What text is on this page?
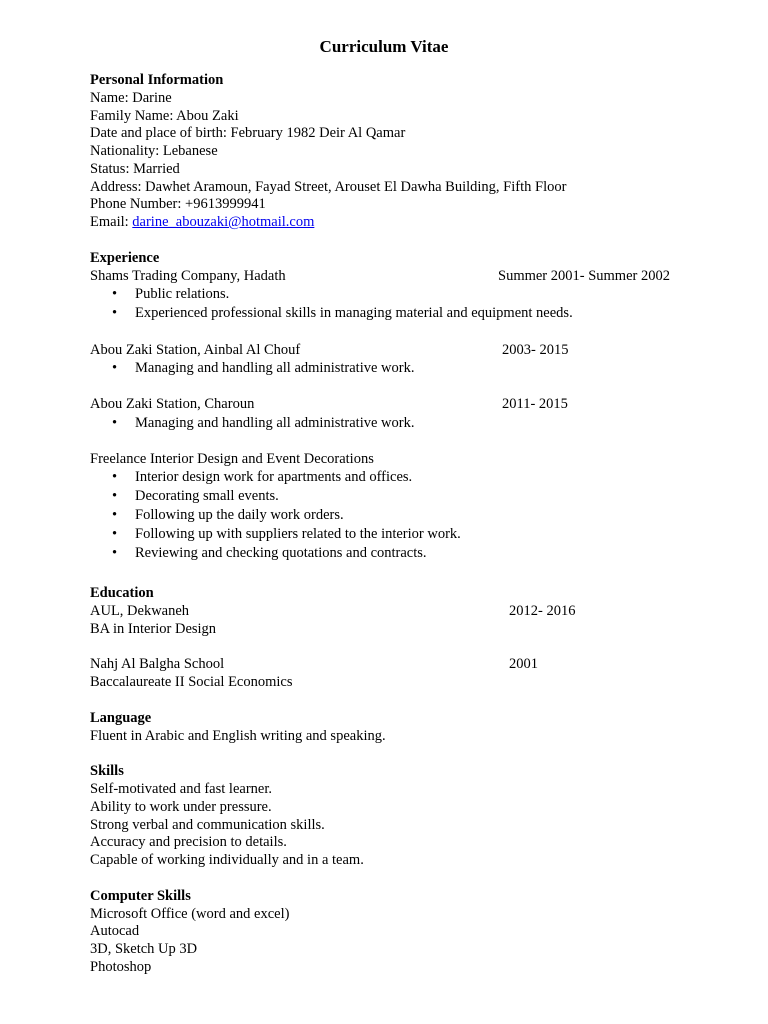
Curriculum Vitae
Personal Information
Name: Darine
Family Name: Abou Zaki
Date and place of birth: February 1982 Deir Al Qamar
Nationality: Lebanese
Status: Married
Address: Dawhet Aramoun, Fayad Street, Arouset El Dawha Building, Fifth Floor
Phone Number: +9613999941
Email: darine_abouzaki@hotmail.com
Experience
Shams Trading Company, Hadath	Summer 2001- Summer 2002
• Public relations.
• Experienced professional skills in managing material and equipment needs.
Abou Zaki Station, Ainbal Al Chouf	2003- 2015
• Managing and handling all administrative work.
Abou Zaki Station, Charoun	2011- 2015
• Managing and handling all administrative work.
Freelance Interior Design and Event Decorations
• Interior design work for apartments and offices.
• Decorating small events.
• Following up the daily work orders.
• Following up with suppliers related to the interior work.
• Reviewing and checking quotations and contracts.
Education
AUL, Dekwaneh	2012- 2016
BA in Interior Design
Nahj Al Balgha School	2001
Baccalaureate II Social Economics
Language
Fluent in Arabic and English writing and speaking.
Skills
Self-motivated and fast learner.
Ability to work under pressure.
Strong verbal and communication skills.
Accuracy and precision to details.
Capable of working individually and in a team.
Computer Skills
Microsoft Office (word and excel)
Autocad
3D, Sketch Up 3D
Photoshop
